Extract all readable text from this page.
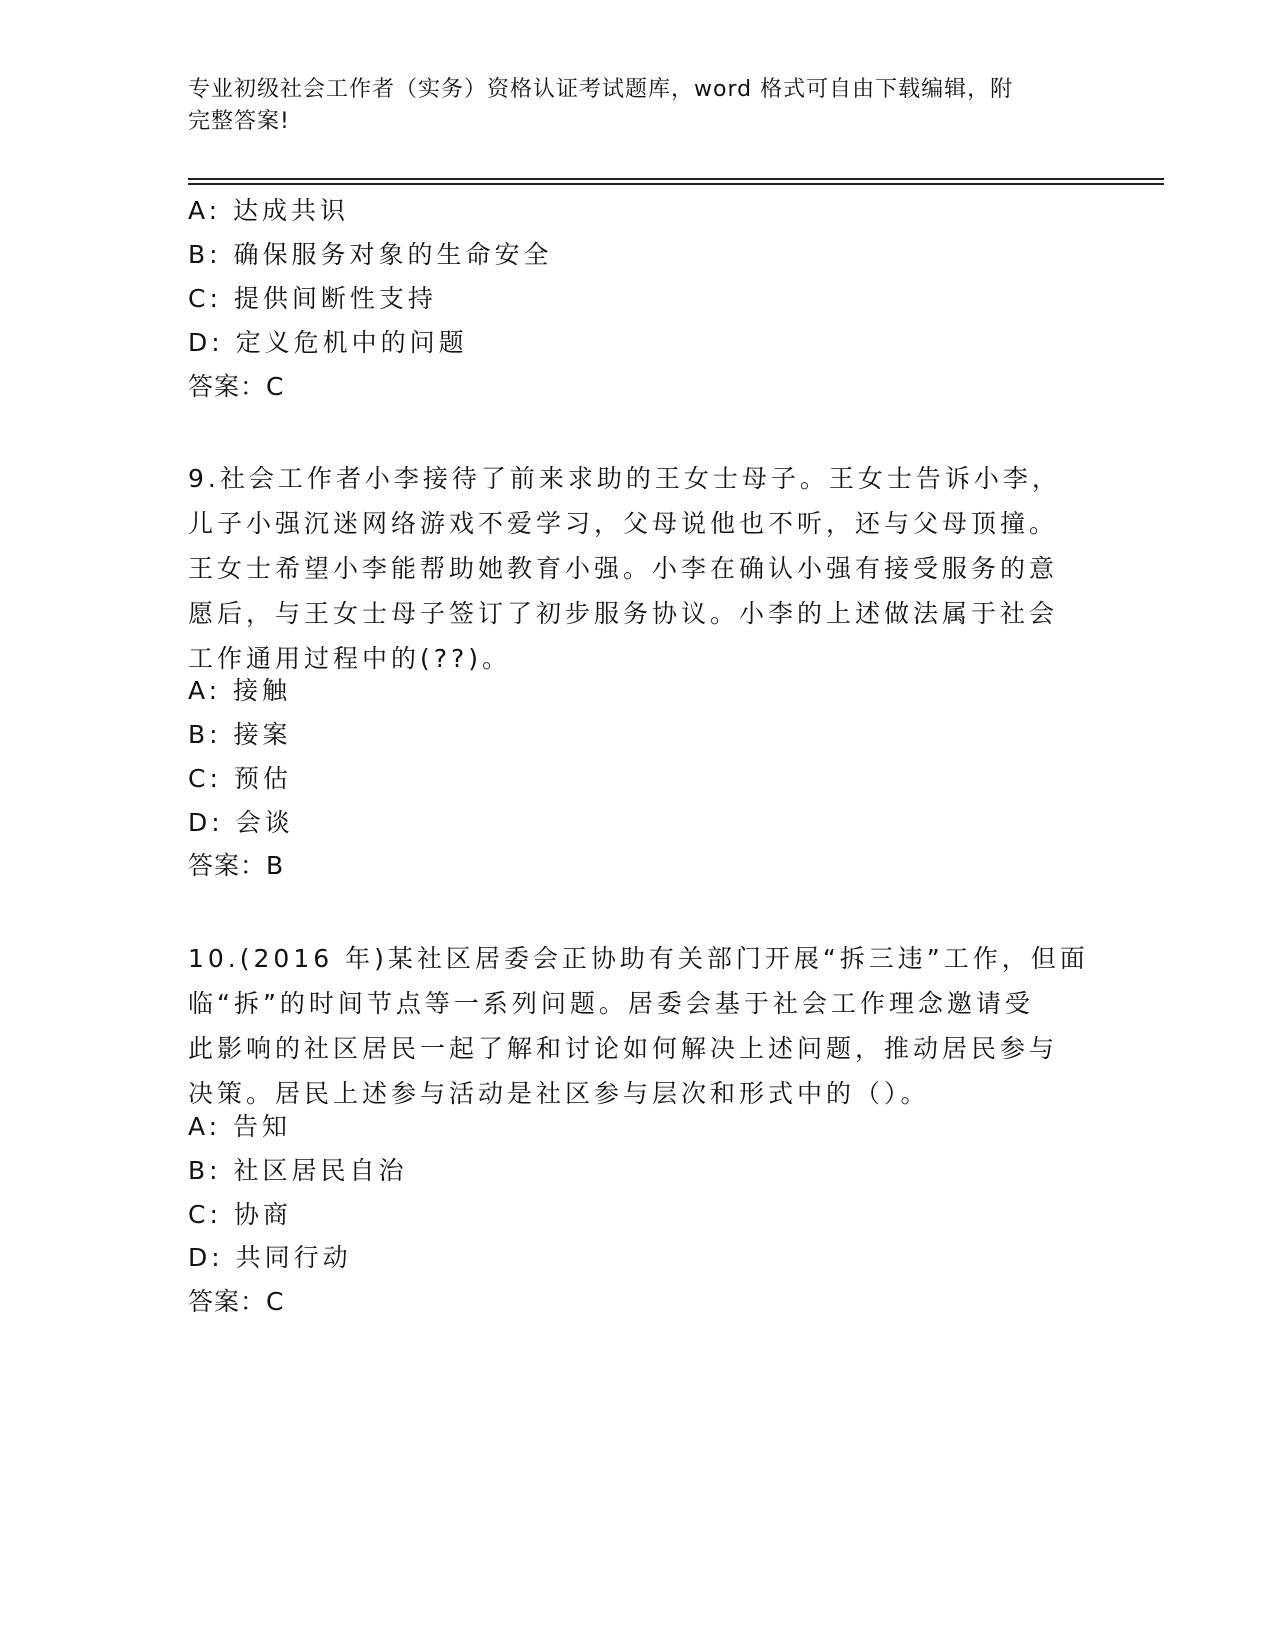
专业初级社会工作者（实务）资格认证考试题库，word 格式可自由下载编辑，附
完整答案!
A: 达成共识
B: 确保服务对象的生命安全
C: 提供间断性支持
D: 定义危机中的问题
答案：C
9.社会工作者小李接待了前来求助的王女士母子。王女士告诉小李，
儿子小强沉迷网络游戏不爱学习，父母说他也不听，还与父母顶撞。
王女士希望小李能帮助她教育小强。小李在确认小强有接受服务的意
愿后，与王女士母子签订了初步服务协议。小李的上述做法属于社会
工作通用过程中的(??)。
A: 接触
B: 接案
C: 预估
D: 会谈
答案：B
10.(2016 年)某社区居委会正协助有关部门开展“拆三违”工作，但面
临“拆”的时间节点等一系列问题。居委会基于社会工作理念邀请受
此影响的社区居民一起了解和讨论如何解决上述问题，推动居民参与
决策。居民上述参与活动是社区参与层次和形式中的（）。
A: 告知
B: 社区居民自治
C: 协商
D: 共同行动
答案：C
